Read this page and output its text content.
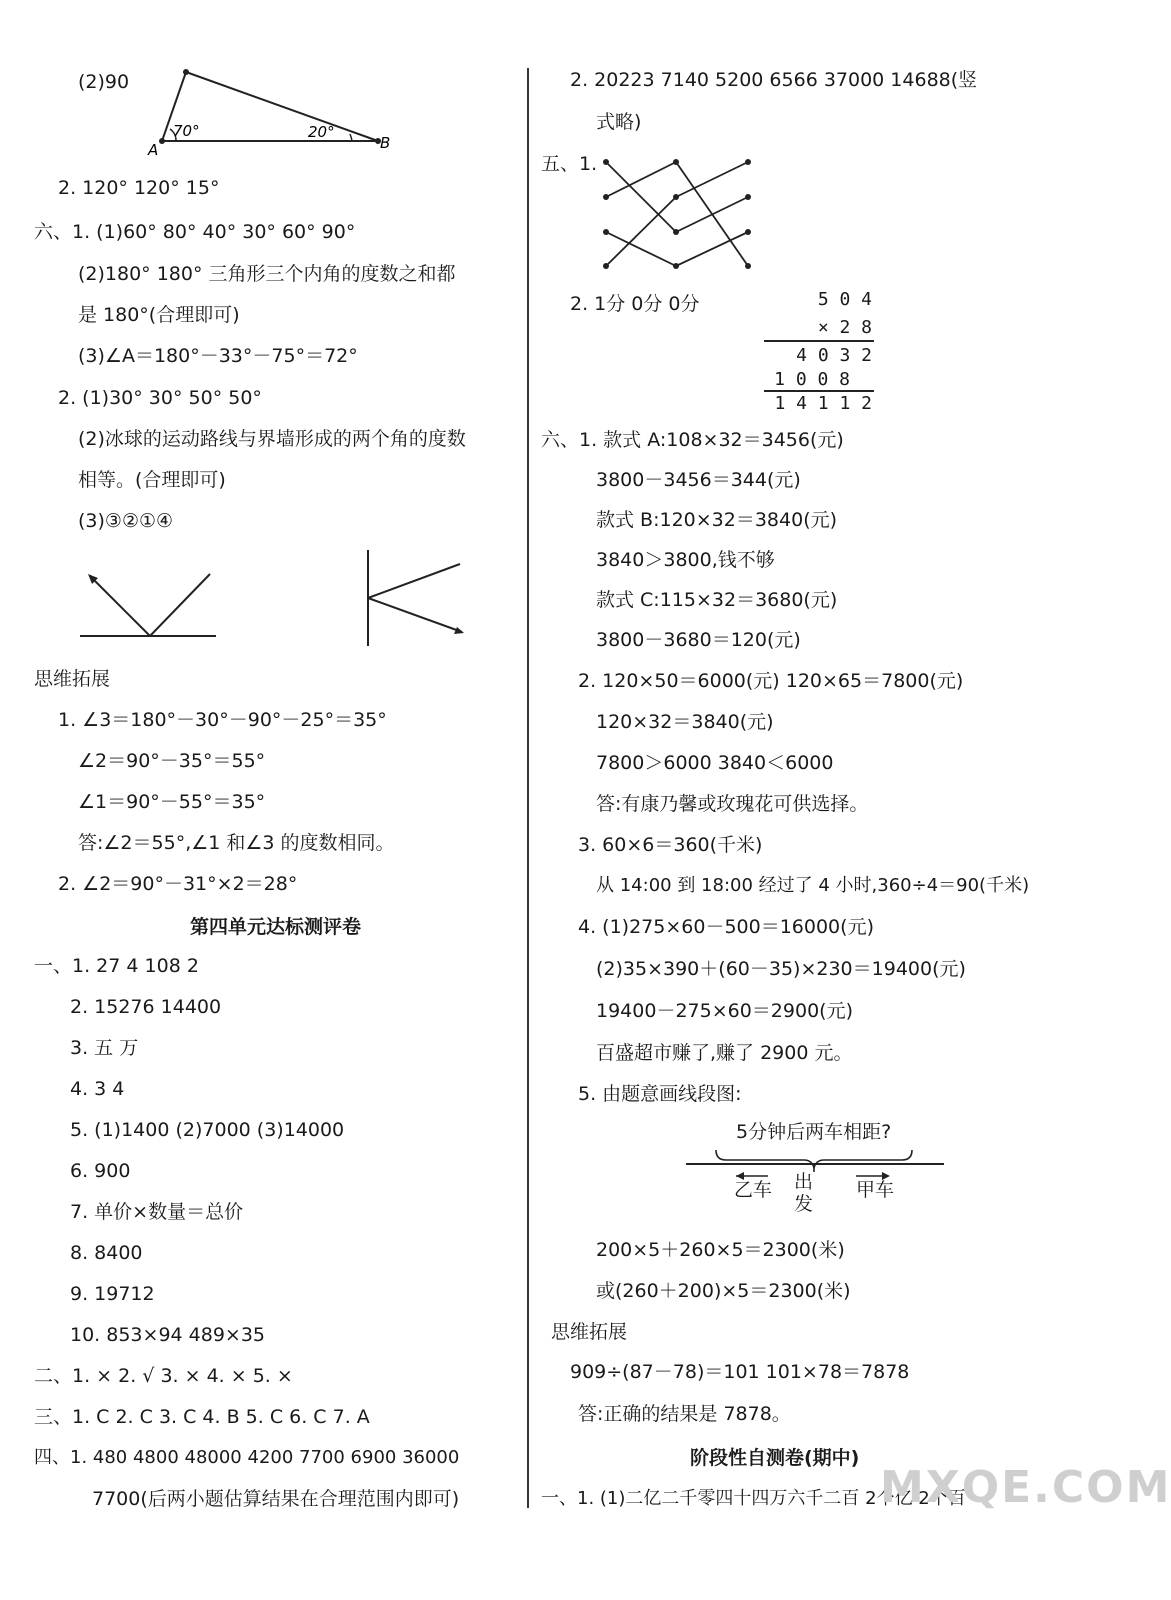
(2)90
70°	20°
A	B
2. 120° 120° 15°
六、1. (1)60° 80° 40° 30° 60° 90°
(2)180° 180° 三角形三个内角的度数之和都
是 180°(合理即可)
(3)∠A＝180°－33°－75°＝72°
2. (1)30° 30° 50° 50°
(2)冰球的运动路线与界墙形成的两个角的度数
相等。(合理即可)
(3)③②①④
思维拓展
1. ∠3＝180°－30°－90°－25°＝35°
∠2＝90°－35°＝55°
∠1＝90°－55°＝35°
答:∠2＝55°,∠1 和∠3 的度数相同。
2. ∠2＝90°－31°×2＝28°
第四单元达标测评卷
一、1. 27 4 108 2
2. 15276 14400
3. 五 万
4. 3 4
5. (1)1400 (2)7000 (3)14000
6. 900
7. 单价×数量＝总价
8. 8400
9. 19712
10. 853×94 489×35
二、1. × 2. √ 3. × 4. × 5. ×
三、1. C 2. C 3. C 4. B 5. C 6. C 7. A
四、1. 480 4800 48000 4200 7700 6900 36000
7700(后两小题估算结果在合理范围内即可)
2. 20223 7140 5200 6566 37000 14688(竖
式略)
五、1.
2. 1分 0分 0分	5 0 4
× 2 8
4 0 3 2
1 0 0 8
1 4 1 1 2
六、1. 款式 A:108×32＝3456(元)
3800－3456＝344(元)
款式 B:120×32＝3840(元)
3840＞3800,钱不够
款式 C:115×32＝3680(元)
3800－3680＝120(元)
2. 120×50＝6000(元) 120×65＝7800(元)
120×32＝3840(元)
7800＞6000 3840＜6000
答:有康乃馨或玫瑰花可供选择。
3. 60×6＝360(千米)
从 14:00 到 18:00 经过了 4 小时,360÷4＝90(千米)
4. (1)275×60－500＝16000(元)
(2)35×390＋(60－35)×230＝19400(元)
19400－275×60＝2900(元)
百盛超市赚了,赚了 2900 元。
5. 由题意画线段图:
5分钟后两车相距?
乙车 出
发
甲车
200×5＋260×5＝2300(米)
或(260＋200)×5＝2300(米)
思维拓展
909÷(87－78)＝101 101×78＝7878
答:正确的结果是 7878。
阶段性自测卷(期中)
一、1. (1)二亿二千零四十四万六千二百 2个亿 2个百
MXQE.COM
